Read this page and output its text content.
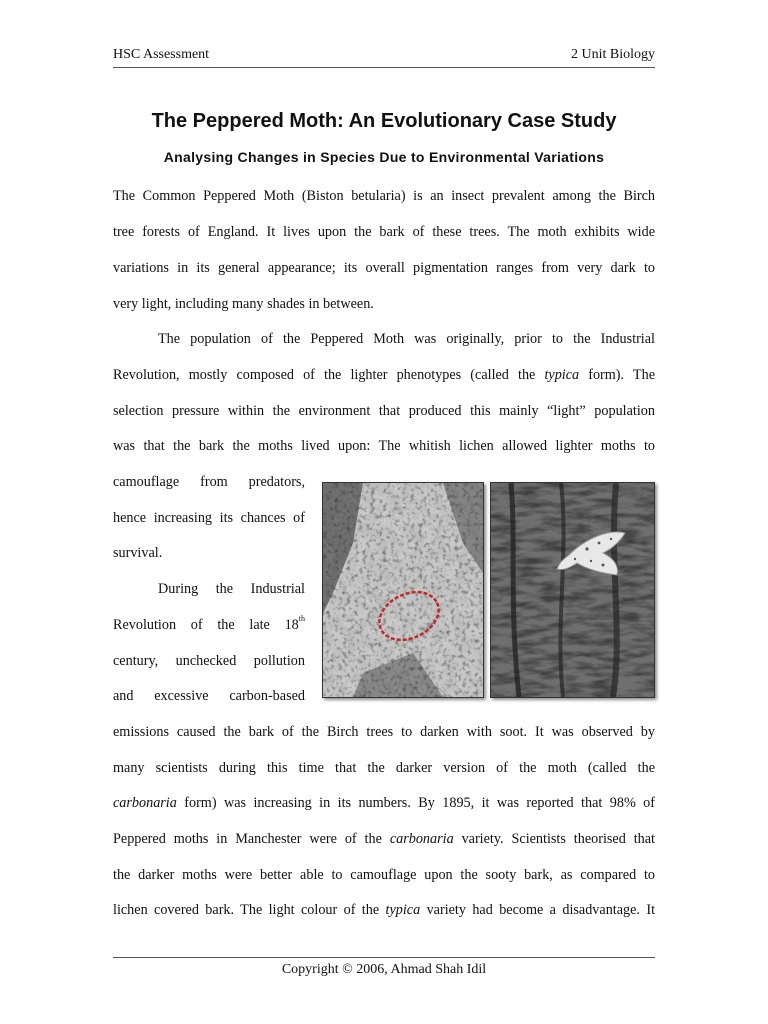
HSC Assessment	2 Unit Biology
The Peppered Moth: An Evolutionary Case Study
Analysing Changes in Species Due to Environmental Variations
The Common Peppered Moth (Biston betularia) is an insect prevalent among the Birch
tree forests of England. It lives upon the bark of these trees. The moth exhibits wide
variations in its general appearance; its overall pigmentation ranges from very dark to
very light, including many shades in between.
The population of the Peppered Moth was originally, prior to the Industrial
Revolution, mostly composed of the lighter phenotypes (called the typica form). The
selection pressure within the environment that produced this mainly “light” population
was that the bark the moths lived upon: The whitish lichen allowed lighter moths to
camouflage from predators,
hence increasing its chances of
survival.
During the Industrial
Revolution of the late 18th
century, unchecked pollution
and excessive carbon-based
emissions caused the bark of the Birch trees to darken with soot. It was observed by
many scientists during this time that the darker version of the moth (called the
carbonaria form) was increasing in its numbers. By 1895, it was reported that 98% of
Peppered moths in Manchester were of the carbonaria variety. Scientists theorised that
the darker moths were better able to camouflage upon the sooty bark, as compared to
lichen covered bark. The light colour of the typica variety had become a disadvantage. It
Copyright © 2006, Ahmad Shah Idil
